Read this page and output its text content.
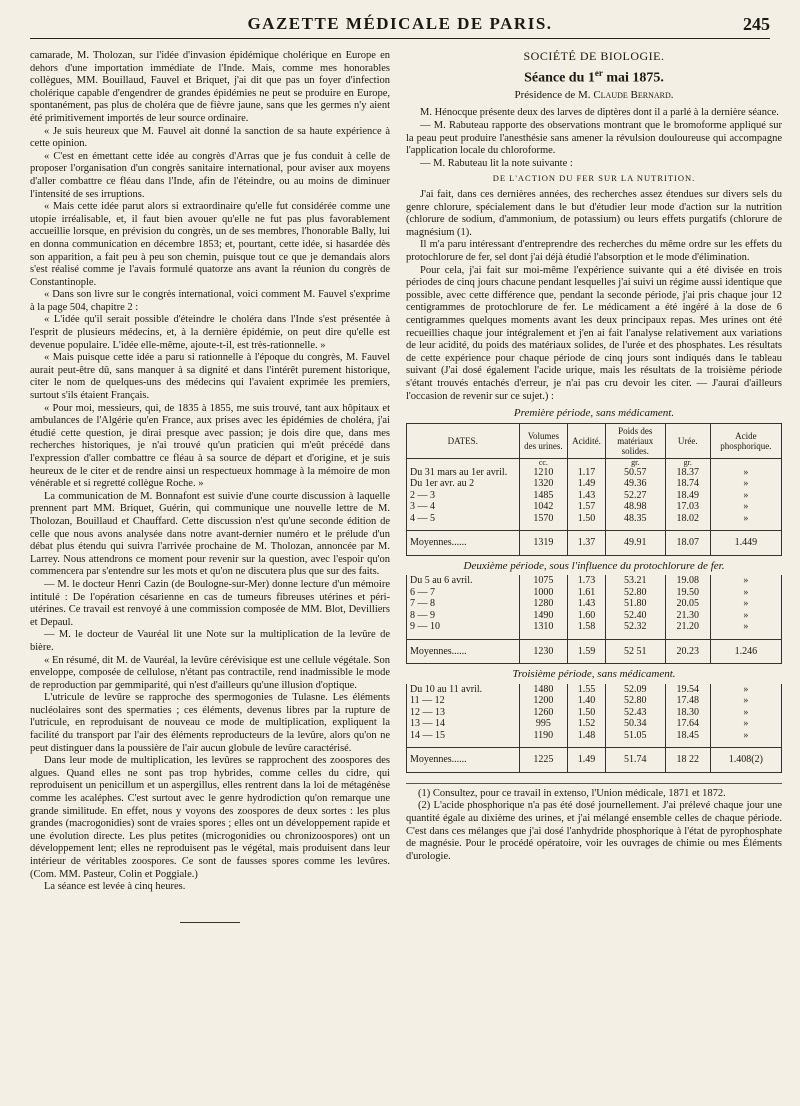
GAZETTE MÉDICALE DE PARIS.	245

camarade, M. Tholozan, sur l'idée d'invasion épidémique cholérique en Europe en dehors d'une importation immédiate de l'Inde. Mais, comme mes honorables collègues, MM. Bouillaud, Fauvel et Briquet, j'ai dit que pas un foyer d'infection cholérique capable d'engendrer de grandes épidémies ne peut se produire en Europe, spontanément, pas plus de choléra que de fièvre jaune, sans que les germes n'y aient été primitivement importés de leur source ordinaire.

« Je suis heureux que M. Fauvel ait donné la sanction de sa haute expérience à cette opinion.

« C'est en émettant cette idée au congrès d'Arras que je fus conduit à celle de proposer l'organisation d'un congrès sanitaire international, pour aviser aux moyens d'aller combattre ce fléau dans l'Inde, afin de l'éteindre, ou au moins de diminuer l'intensité de ses irruptions.

« Mais cette idée parut alors si extraordinaire qu'elle fut considérée comme une utopie irréalisable, et, il faut bien avouer qu'elle ne fut pas plus favorablement accueillie lorsque, en prévision du congrès, un de ses membres, l'honorable Bally, lui en donna communication en décembre 1853; et, pourtant, cette idée, si hasardée dès son apparition, a fait peu à peu son chemin, puisque tout ce que je demandais alors s'est réalisé comme je l'avais formulé quatorze ans avant la réunion du congrès de Constantinople.

« Dans son livre sur le congrès international, voici comment M. Fauvel s'exprime à la page 504, chapitre 2 :

« L'idée qu'il serait possible d'éteindre le choléra dans l'Inde s'est présentée à l'esprit de plusieurs médecins, et, à la dernière épidémie, on peut dire qu'elle est devenue populaire. L'idée elle-même, ajoute-t-il, est très-rationnelle. »

« Mais puisque cette idée a paru si rationnelle à l'époque du congrès, M. Fauvel aurait peut-être dû, sans manquer à sa dignité et dans l'intérêt purement historique, citer le nom de quelques-uns des médecins qui l'avaient exprimée les premiers, surtout s'ils étaient Français.

« Pour moi, messieurs, qui, de 1835 à 1855, me suis trouvé, tant aux hôpitaux et ambulances de l'Algérie qu'en France, aux prises avec les épidémies de choléra, j'ai étudié cette question, je dirai presque avec passion; je dois dire que, dans mes recherches historiques, je n'ai trouvé qu'un praticien qui m'eût précédé dans l'expression d'aller combattre ce fléau à sa source de départ et d'origine, et je suis heureux de le citer et de rendre ainsi un respectueux hommage à la mémoire de mon vénérable et si regretté collègue Roche. »

La communication de M. Bonnafont est suivie d'une courte discussion à laquelle prennent part MM. Briquet, Guérin, qui communique une nouvelle lettre de M. Tholozan, Bouillaud et Chauffard. Cette discussion n'est qu'une seconde édition de celle que nous avons analysée dans notre avant-dernier numéro et le prélude d'un débat plus étendu qui suivra l'arrivée prochaine de M. Tholozan, annoncée par M. Larrey. Nous attendrons ce moment pour revenir sur la question, avec l'espoir qu'on commencera par s'entendre sur les mots et qu'on ne discutera plus que sur des faits.

— M. le docteur Henri Cazin (de Boulogne-sur-Mer) donne lecture d'un mémoire intitulé : De l'opération césarienne en cas de tumeurs fibreuses utérines et péri-utérines. Ce travail est renvoyé à une commission composée de MM. Blot, Devilliers et Depaul.

— M. le docteur de Vauréal lit une Note sur la multiplication de la levûre de bière.

« En résumé, dit M. de Vauréal, la levûre cérévisique est une cellule végétale. Son enveloppe, composée de cellulose, n'étant pas contractile, rend inadmissible le mode de reproduction par gemmiparité, qui n'est d'ailleurs qu'une illusion d'optique.

L'utricule de levûre se rapproche des spermogonies de Tulasne. Les éléments nucléolaires sont des spermaties ; ces éléments, devenus libres par la rupture de l'utricule, en reproduisant de nouveau ce mode de multiplication, expliquent la facilité du transport par l'air des éléments reproducteurs de la levûre, alors qu'on ne peut distinguer dans la poussière de l'air aucun globule de levûre caractérisé.

Dans leur mode de multiplication, les levûres se rapprochent des zoospores des algues. Quand elles ne sont pas trop hybrides, comme celles du cidre, qui reproduisent un penicillum et un aspergillus, elles rentrent dans la loi de métagénèse comme les acaléphes. C'est surtout avec le genre hydrodiction qu'on remarque une grande similitude. En effet, nous y voyons des zoospores de deux sortes : les plus grandes (macrogonidies) sont de vraies spores ; elles ont un développement rapide et une évolution directe. Les plus petites (microgonidies ou chronizoospores) ont un développement lent; elles ne reproduisent pas le végétal, mais produisent dans leur intérieur de véritables zoospores. Ce sont de fausses spores comme les levûres. (Com. MM. Pasteur, Colin et Poggiale.)

La séance est levée à cinq heures.

SOCIÉTÉ DE BIOLOGIE.
Séance du 1er mai 1875.
Présidence de M. Claude Bernard.

M. Hénocque présente deux des larves de diptères dont il a parlé à la dernière séance.

— M. Rabuteau rapporte des observations montrant que le bromoforme appliqué sur la peau peut produire l'anesthésie sans amener la révulsion douloureuse qui accompagne l'application locale du chloroforme.

— M. Rabuteau lit la note suivante :

DE L'ACTION DU FER SUR LA NUTRITION.

J'ai fait, dans ces dernières années, des recherches assez étendues sur divers sels du genre chlorure, spécialement dans le but d'étudier leur mode d'action sur la nutrition (chlorure de sodium, d'ammonium, de potassium) ou leurs effets purgatifs (chlorure de magnésium (1).

Il m'a paru intéressant d'entreprendre des recherches du même ordre sur les effets du protochlorure de fer, sel dont j'ai déjà étudié l'absorption et le mode d'élimination.

Pour cela, j'ai fait sur moi-même l'expérience suivante qui a été divisée en trois périodes de cinq jours chacune pendant lesquelles j'ai suivi un régime aussi identique que possible, avec cette différence que, pendant la seconde période, j'ai pris chaque jour 12 centigrammes de protochlorure de fer. Le médicament a été ingéré à la dose de 6 centigrammes quelques moments avant les deux principaux repas. Mes urines ont été recueillies chaque jour intégralement et j'en ai fait l'analyse relativement aux variations de leur acidité, du poids des matériaux solides, de l'urée et des phosphates. Les résultats de cette expérience pour chaque période de cinq jours sont indiqués dans le tableau suivant (J'ai dosé également l'acide urique, mais les résultats de la troisième période s'étant trouvés entachés d'erreur, je n'ai pas cru devoir les citer. — J'aurai d'ailleurs l'occasion de revenir sur ce sujet.) :

Première période, sans médicament.
DATES.	Volumes des urines.	Acidité.	Poids des matériaux solides.	Urée.	Acide phosphorique.
	cc.		gr.	gr.	
Du 31 mars au 1er avril.	1210	1.17	50.57	18.37	»
Du 1er avr. au 2	1320	1.49	49.36	18.74	»
2 — 3	1485	1.43	52.27	18.49	»
3 — 4	1042	1.57	48.98	17.03	»
4 — 5	1570	1.50	48.35	18.02	»
Moyennes......	1319	1.37	49.91	18.07	1.449
Deuxième période, sous l'influence du protochlorure de fer.
Du 5 au 6 avril.	1075	1.73	53.21	19.08	»
6 — 7	1000	1.61	52.80	19.50	»
7 — 8	1280	1.43	51.80	20.05	»
8 — 9	1490	1.60	52.40	21.30	»
9 — 10	1310	1.58	52.32	21.20	»
Moyennes......	1230	1.59	52 51	20.23	1.246
Troisième période, sans médicament.
Du 10 au 11 avril.	1480	1.55	52.09	19.54	»
11 — 12	1200	1.40	52.80	17.48	»
12 — 13	1260	1.50	52.43	18.30	»
13 — 14	995	1.52	50.34	17.64	»
14 — 15	1190	1.48	51.05	18.45	»
Moyennes......	1225	1.49	51.74	18 22	1.408(2)

(1) Consultez, pour ce travail in extenso, l'Union médicale, 1871 et 1872.

(2) L'acide phosphorique n'a pas été dosé journellement. J'ai prélevé chaque jour une quantité égale au dixième des urines, et j'ai mélangé ensemble celles de chaque période. C'est dans ces mélanges que j'ai dosé l'anhydride phosphorique à l'état de pyrophosphate de magnésie. Pour le procédé opératoire, voir les ouvrages de chimie ou mes Éléments d'urologie.
